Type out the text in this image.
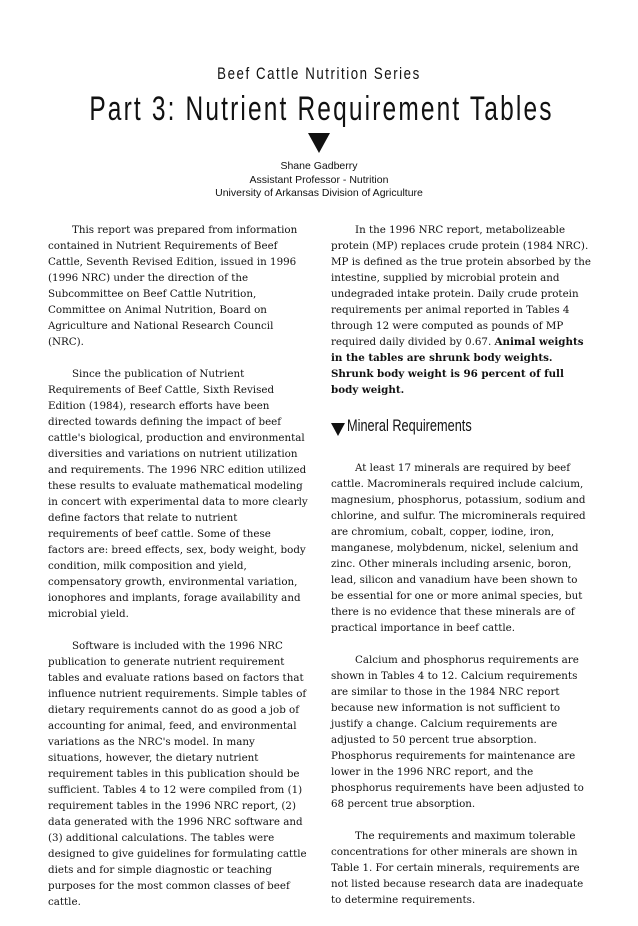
Beef Cattle Nutrition Series
Part 3: Nutrient Requirement Tables
Shane Gadberry
Assistant Professor - Nutrition
University of Arkansas Division of Agriculture

This report was prepared from information contained in Nutrient Requirements of Beef Cattle, Seventh Revised Edition, issued in 1996 (1996 NRC) under the direction of the Subcommittee on Beef Cattle Nutrition, Committee on Animal Nutrition, Board on Agriculture and National Research Council (NRC).

Since the publication of Nutrient Requirements of Beef Cattle, Sixth Revised Edition (1984), research efforts have been directed towards defining the impact of beef cattle's biological, production and environmental diversities and variations on nutrient utilization and requirements. The 1996 NRC edition utilized these results to evaluate mathematical modeling in concert with experimental data to more clearly define factors that relate to nutrient requirements of beef cattle. Some of these factors are: breed effects, sex, body weight, body condition, milk composition and yield, compensatory growth, environmental variation, ionophores and implants, forage availability and microbial yield.

Software is included with the 1996 NRC publication to generate nutrient requirement tables and evaluate rations based on factors that influence nutrient requirements. Simple tables of dietary requirements cannot do as good a job of accounting for animal, feed, and environmental variations as the NRC's model. In many situations, however, the dietary nutrient requirement tables in this publication should be sufficient. Tables 4 to 12 were compiled from (1) requirement tables in the 1996 NRC report, (2) data generated with the 1996 NRC software and (3) additional calculations. The tables were designed to give guidelines for formulating cattle diets and for simple diagnostic or teaching purposes for the most common classes of beef cattle.

In the 1996 NRC report, metabolizeable protein (MP) replaces crude protein (1984 NRC). MP is defined as the true protein absorbed by the intestine, supplied by microbial protein and undegraded intake protein. Daily crude protein requirements per animal reported in Tables 4 through 12 were computed as pounds of MP required daily divided by 0.67. Animal weights in the tables are shrunk body weights. Shrunk body weight is 96 percent of full body weight.

Mineral Requirements

At least 17 minerals are required by beef cattle. Macrominerals required include calcium, magnesium, phosphorus, potassium, sodium and chlorine, and sulfur. The microminerals required are chromium, cobalt, copper, iodine, iron, manganese, molybdenum, nickel, selenium and zinc. Other minerals including arsenic, boron, lead, silicon and vanadium have been shown to be essential for one or more animal species, but there is no evidence that these minerals are of practical importance in beef cattle.

Calcium and phosphorus requirements are shown in Tables 4 to 12. Calcium requirements are similar to those in the 1984 NRC report because new information is not sufficient to justify a change. Calcium requirements are adjusted to 50 percent true absorption. Phosphorus requirements for maintenance are lower in the 1996 NRC report, and the phosphorus requirements have been adjusted to 68 percent true absorption.

The requirements and maximum tolerable concentrations for other minerals are shown in Table 1. For certain minerals, requirements are not listed because research data are inadequate to determine requirements.
